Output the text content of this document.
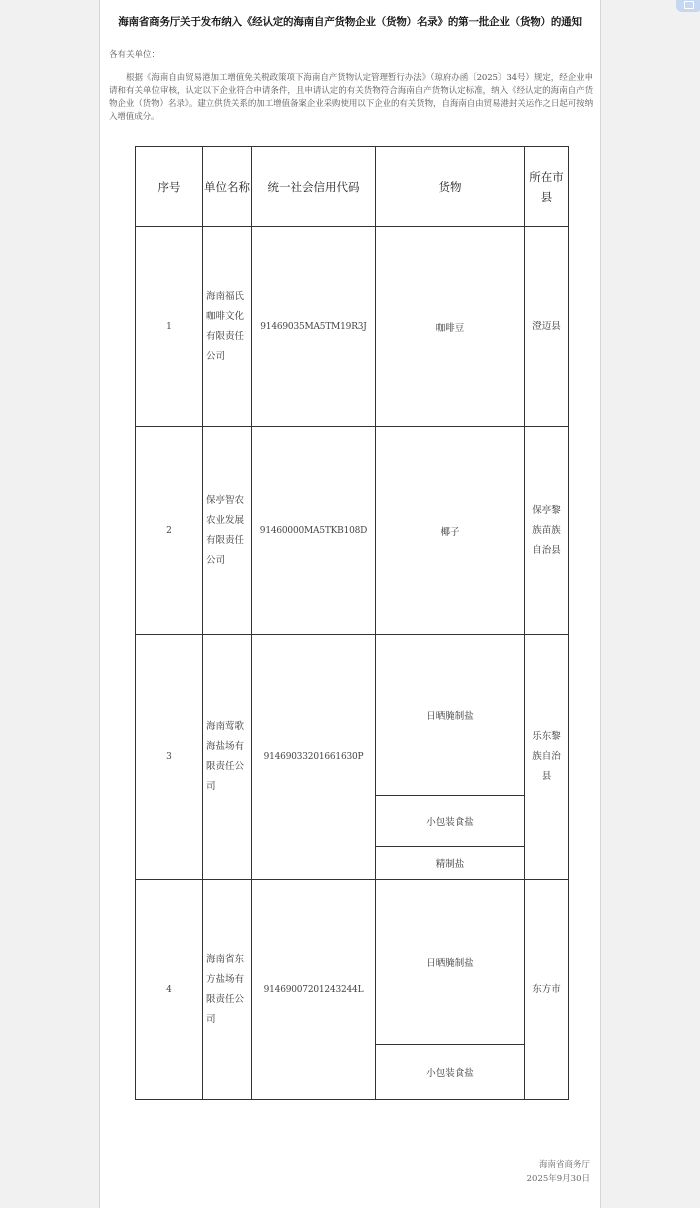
海南省商务厅关于发布纳入《经认定的海南自产货物企业（货物）名录》的第一批企业（货物）的通知
各有关单位：
根据《海南自由贸易港加工增值免关税政策项下海南自产货物认定管理暂行办法》（琼府办函〔2025〕34号）规定，经企业申请和有关单位审核，认定以下企业符合申请条件，且申请认定的有关货物符合海南自产货物认定标准，纳入《经认定的海南自产货物企业（货物）名录》。建立供货关系的加工增值备案企业采购使用以下企业的有关货物，自海南自由贸易港封关运作之日起可按纳入增值成分。
序号	单位名称	统一社会信用代码	货物	所在市县
1	海南福氏咖啡文化有限责任公司	91469035MA5TM19R3J	咖啡豆	澄迈县
2	保亭智农农业发展有限责任公司	91460000MA5TKB108D	椰子	保亭黎族苗族自治县
3	海南莺歌海盐场有限责任公司	91469033201661630P	日晒腌制盐	乐东黎族自治县
			小包装食盐	
			精制盐	
4	海南省东方盐场有限责任公司	91469007201243244L	日晒腌制盐	东方市
			小包装食盐	
海南省商务厅
2025年9月30日
